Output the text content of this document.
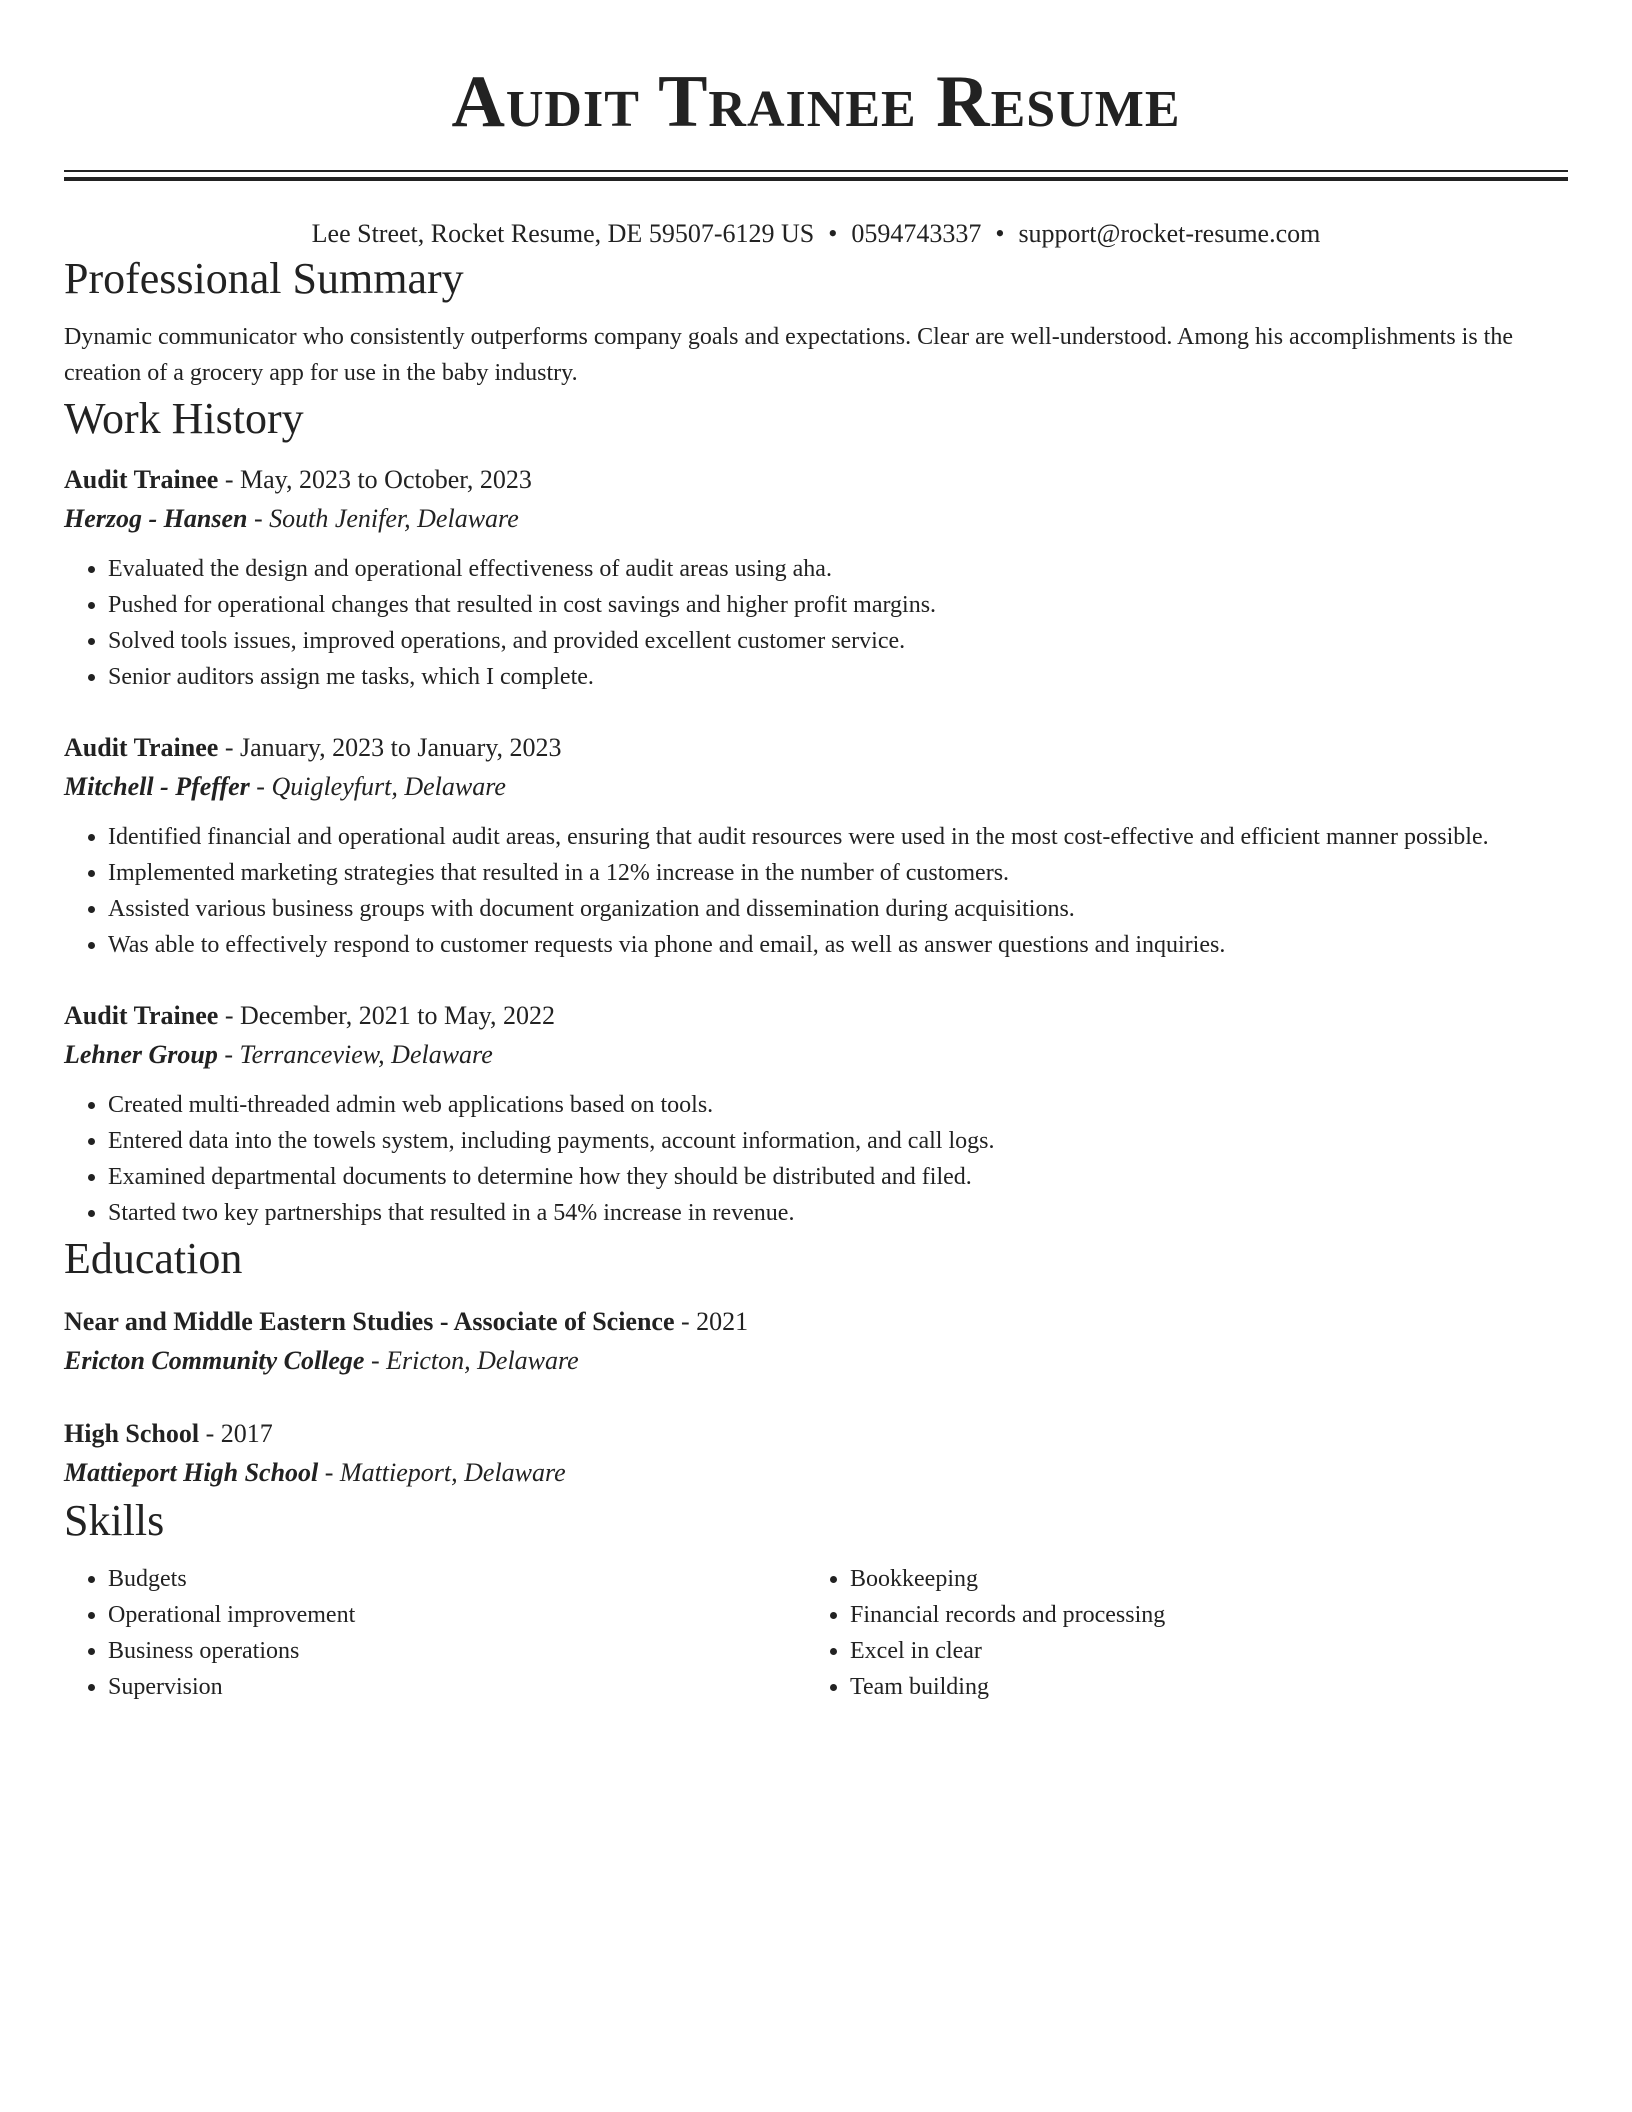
Audit Trainee Resume
Lee Street, Rocket Resume, DE 59507-6129 US • 0594743337 • support@rocket-resume.com
Professional Summary
Dynamic communicator who consistently outperforms company goals and expectations. Clear are well-understood. Among his accomplishments is the creation of a grocery app for use in the baby industry.
Work History
Audit Trainee - May, 2023 to October, 2023
Herzog - Hansen - South Jenifer, Delaware
• Evaluated the design and operational effectiveness of audit areas using aha.
• Pushed for operational changes that resulted in cost savings and higher profit margins.
• Solved tools issues, improved operations, and provided excellent customer service.
• Senior auditors assign me tasks, which I complete.
Audit Trainee - January, 2023 to January, 2023
Mitchell - Pfeffer - Quigleyfurt, Delaware
• Identified financial and operational audit areas, ensuring that audit resources were used in the most cost-effective and efficient manner possible.
• Implemented marketing strategies that resulted in a 12% increase in the number of customers.
• Assisted various business groups with document organization and dissemination during acquisitions.
• Was able to effectively respond to customer requests via phone and email, as well as answer questions and inquiries.
Audit Trainee - December, 2021 to May, 2022
Lehner Group - Terranceview, Delaware
• Created multi-threaded admin web applications based on tools.
• Entered data into the towels system, including payments, account information, and call logs.
• Examined departmental documents to determine how they should be distributed and filed.
• Started two key partnerships that resulted in a 54% increase in revenue.
Education
Near and Middle Eastern Studies - Associate of Science - 2021
Ericton Community College - Ericton, Delaware
High School - 2017
Mattieport High School - Mattieport, Delaware
Skills
• Budgets
• Operational improvement
• Business operations
• Supervision
• Bookkeeping
• Financial records and processing
• Excel in clear
• Team building
